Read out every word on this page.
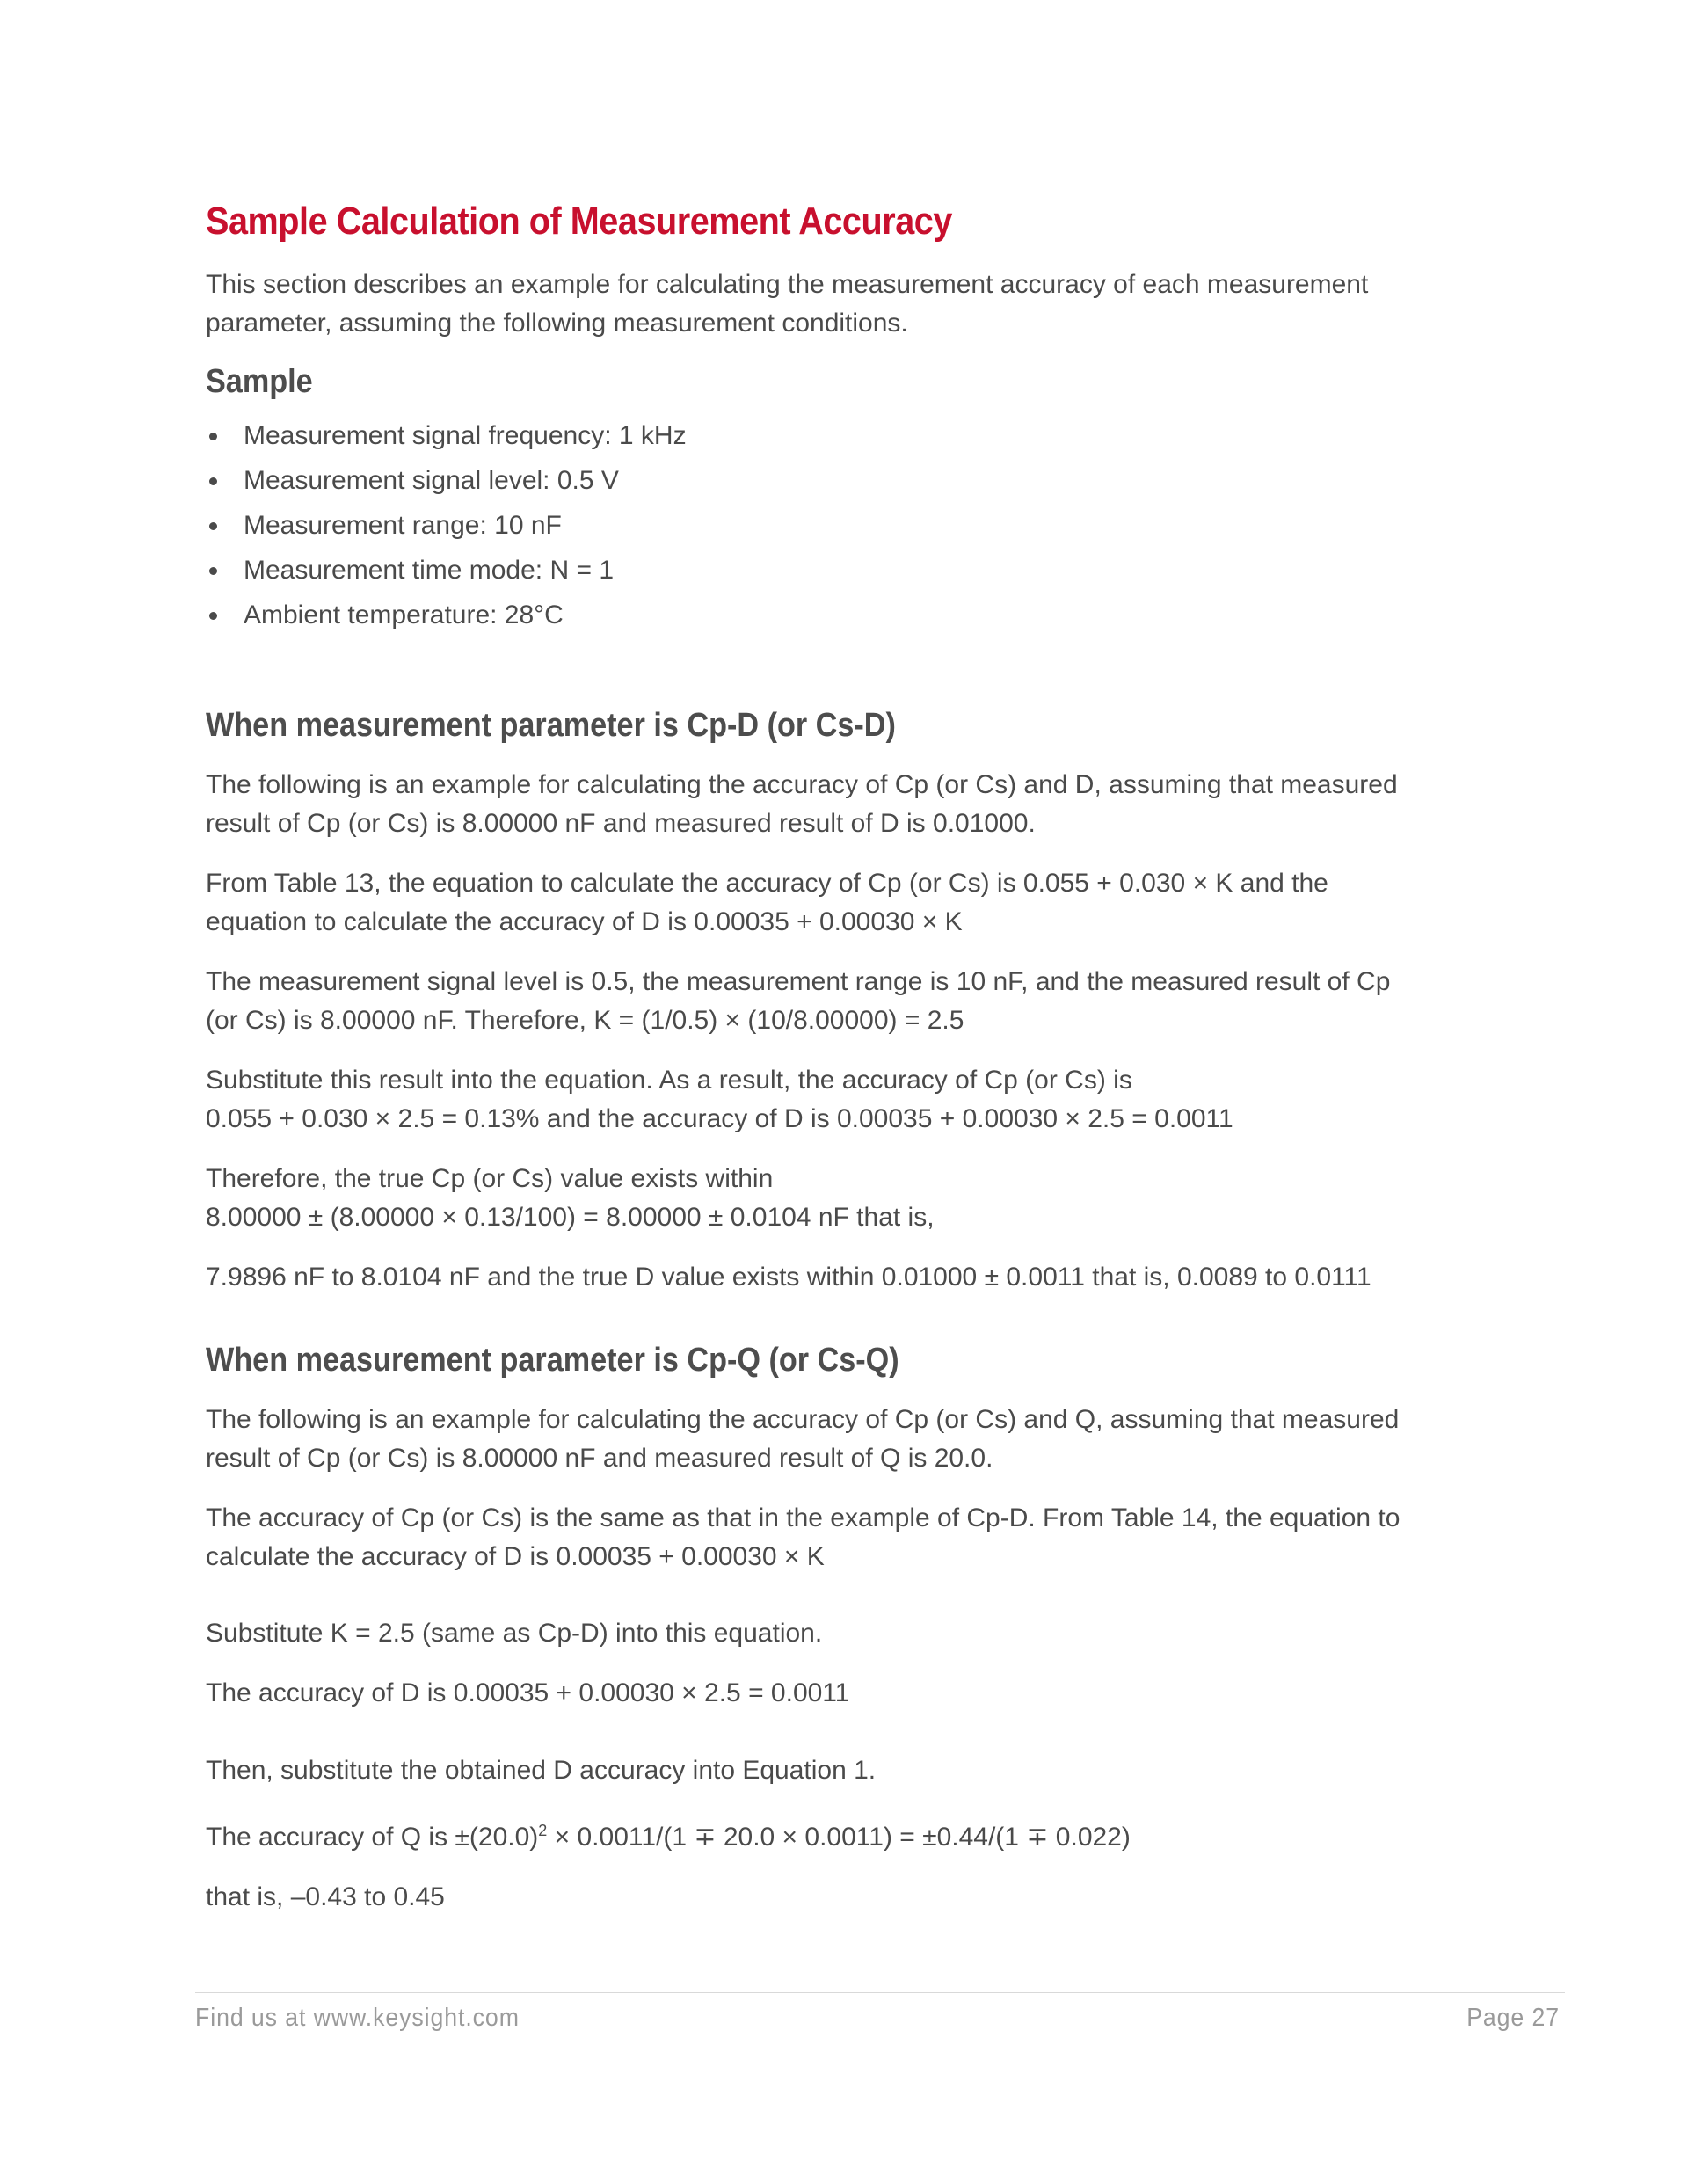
Sample Calculation of Measurement Accuracy

This section describes an example for calculating the measurement accuracy of each measurement
parameter, assuming the following measurement conditions.

Sample
Measurement signal frequency: 1 kHz
Measurement signal level: 0.5 V
Measurement range: 10 nF
Measurement time mode: N = 1
Ambient temperature: 28°C
When measurement parameter is Cp-D (or Cs-D)

The following is an example for calculating the accuracy of Cp (or Cs) and D, assuming that measured
result of Cp (or Cs) is 8.00000 nF and measured result of D is 0.01000.

From Table 13, the equation to calculate the accuracy of Cp (or Cs) is 0.055 + 0.030 × K and the
equation to calculate the accuracy of D is 0.00035 + 0.00030 × K

The measurement signal level is 0.5, the measurement range is 10 nF, and the measured result of Cp
(or Cs) is 8.00000 nF. Therefore, K = (1/0.5) × (10/8.00000) = 2.5

Substitute this result into the equation. As a result, the accuracy of Cp (or Cs) is
0.055 + 0.030 × 2.5 = 0.13% and the accuracy of D is 0.00035 + 0.00030 × 2.5 = 0.0011

Therefore, the true Cp (or Cs) value exists within
8.00000 ± (8.00000 × 0.13/100) = 8.00000 ± 0.0104 nF that is,

7.9896 nF to 8.0104 nF and the true D value exists within 0.01000 ± 0.0011 that is, 0.0089 to 0.0111

When measurement parameter is Cp-Q (or Cs-Q)

The following is an example for calculating the accuracy of Cp (or Cs) and Q, assuming that measured
result of Cp (or Cs) is 8.00000 nF and measured result of Q is 20.0.

The accuracy of Cp (or Cs) is the same as that in the example of Cp-D. From Table 14, the equation to
calculate the accuracy of D is 0.00035 + 0.00030 × K

Substitute K = 2.5 (same as Cp-D) into this equation.

The accuracy of D is 0.00035 + 0.00030 × 2.5 = 0.0011

Then, substitute the obtained D accuracy into Equation 1.

The accuracy of Q is $\pm(20.0)^2 \times 0.0011/(1 \mp 20.0 \times 0.0011) = \pm 0.44/(1 \mp 0.022)$

that is, –0.43 to 0.45

Find us at www.keysight.com	Page 27
